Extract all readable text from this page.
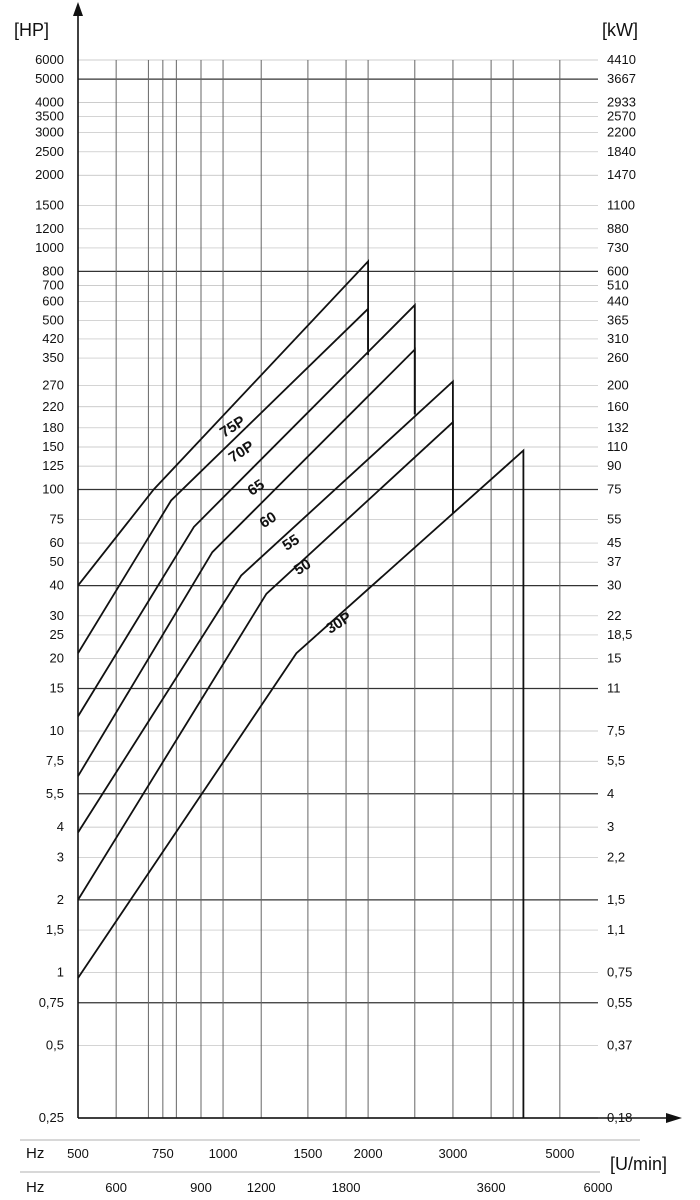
[HP]	[kW]
[U/min]
Hz
Hz
6000	4410
5000	3667
4000	2933
3500	2570
3000	2200
2500	1840
2000	1470
1500	1100
1200	880
1000	730
800	600
700	510
600	440
500	365
420	310
350	260
270	200
220	160
180	132
150	110
125	90
100	75
75	55
60	45
50	37
40	30
30	22
25	18,5
20	15
15	11
10	7,5
7,5	5,5
5,5	4
4	3
3	2,2
2	1,5
1,5	1,1
1	0,75
0,75	0,55
0,5	0,37
0,25	0,18
500	750	1000	1500 2000	3000	5000
600	900	1200	1800	3600	6000
75P
70P
65
60
55
50
30P
